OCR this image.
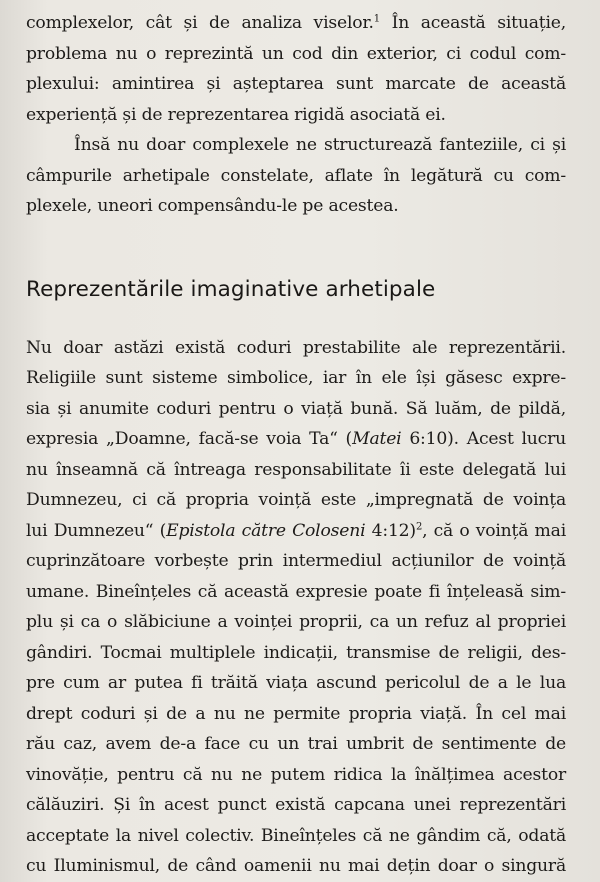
complexelor, cât și de analiza viselor.$^1$ În această situație,
problema nu o reprezintă un cod din exterior, ci codul com-
plexului: amintirea și așteptarea sunt marcate de această
experiență și de reprezentarea rigidă asociată ei.

Însă nu doar complexele ne structurează fanteziile, ci și
câmpurile arhetipale constelate, aflate în legătură cu com-
plexele, uneori compensându-le pe acestea.

Reprezentările imaginative arhetipale

Nu doar astăzi există coduri prestabilite ale reprezentării.
Religiile sunt sisteme simbolice, iar în ele își găsesc expre-
sia și anumite coduri pentru o viață bună. Să luăm, de pildă,
expresia „Doamne, facă-se voia Ta“ (Matei 6:10). Acest lucru
nu înseamnă că întreaga responsabilitate îi este delegată lui
Dumnezeu, ci că propria voință este „impregnată de voința
lui Dumnezeu“ (Epistola către Coloseni 4:12)$^2$, că o voință mai
cuprinzătoare vorbește prin intermediul acțiunilor de voință
umane. Bineînțeles că această expresie poate fi înțeleasă sim-
plu și ca o slăbiciune a voinței proprii, ca un refuz al propriei
gândiri. Tocmai multiplele indicații, transmise de religii, des-
pre cum ar putea fi trăită viața ascund pericolul de a le lua
drept coduri și de a nu ne permite propria viață. În cel mai
rău caz, avem de-a face cu un trai umbrit de sentimente de
vinovăție, pentru că nu ne putem ridica la înălțimea acestor
călăuziri. Și în acest punct există capcana unei reprezentări
acceptate la nivel colectiv. Bineînțeles că ne gândim că, odată
cu Iluminismul, de când oamenii nu mai dețin doar o singură
